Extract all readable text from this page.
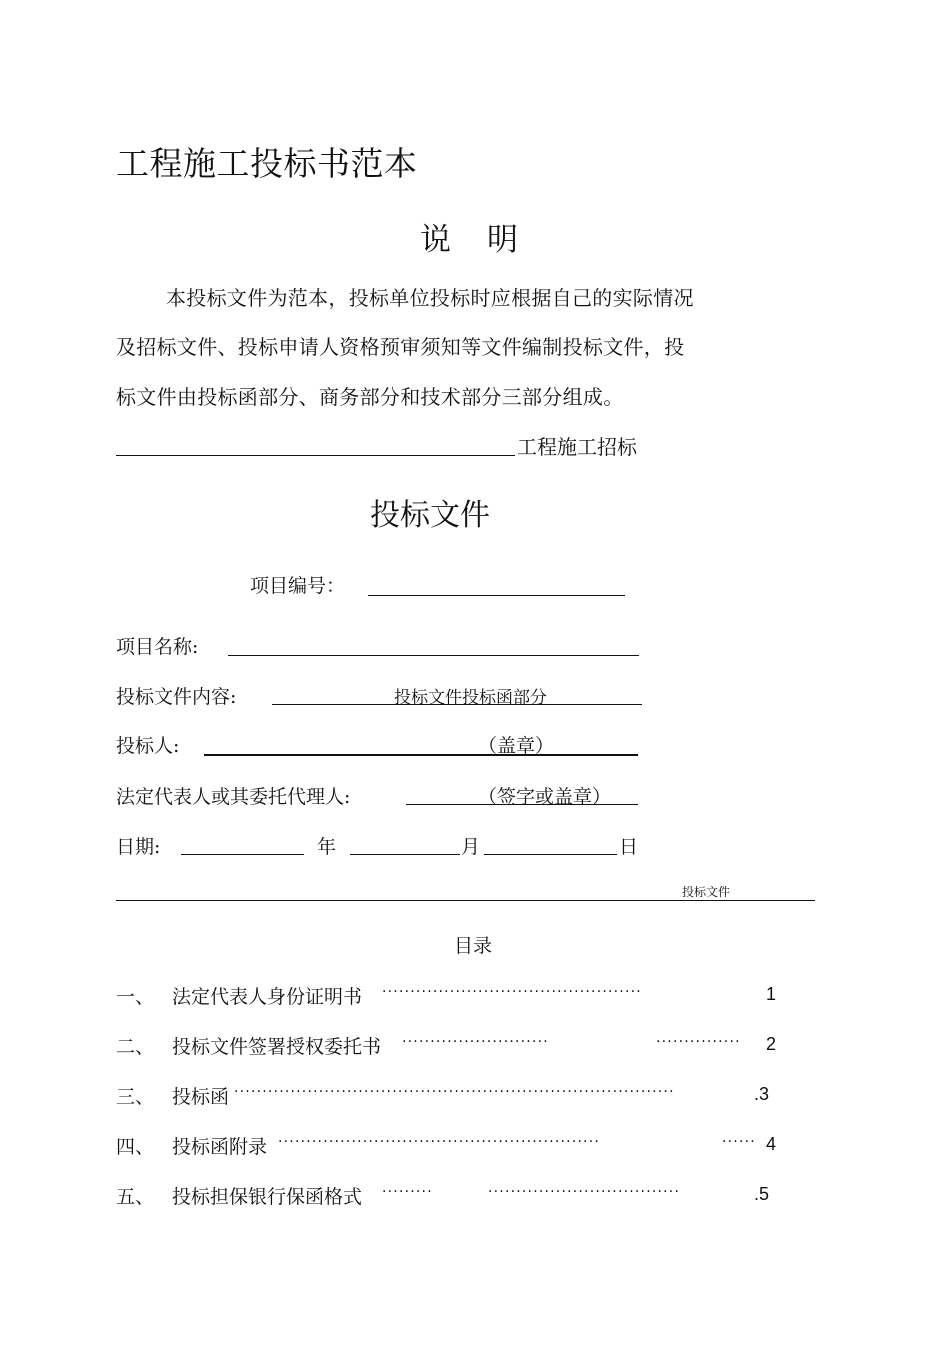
工程施工投标书范本
说明
本投标文件为范本，投标单位投标时应根据自己的实际情况
及招标文件、投标申请人资格预审须知等文件编制投标文件，投
标文件由投标函部分、商务部分和技术部分三部分组成。
工程施工招标
投标文件
项目编号：
项目名称:
投标文件内容:	投标文件投标函部分
投标人:	（盖章）
法定代表人或其委托代理人:	（签字或盖章）
日期:	年	月	日
投标文件
目录
一、 法定代表人身份证明书 ··············································	1
二、 投标文件签署授权委托书 ··························	··············· 2
三、 投标函 ··············································································	.3
四、 投标函附录 ·························································	······ 4
五、 投标担保银行保函格式 ·········	··································	.5
